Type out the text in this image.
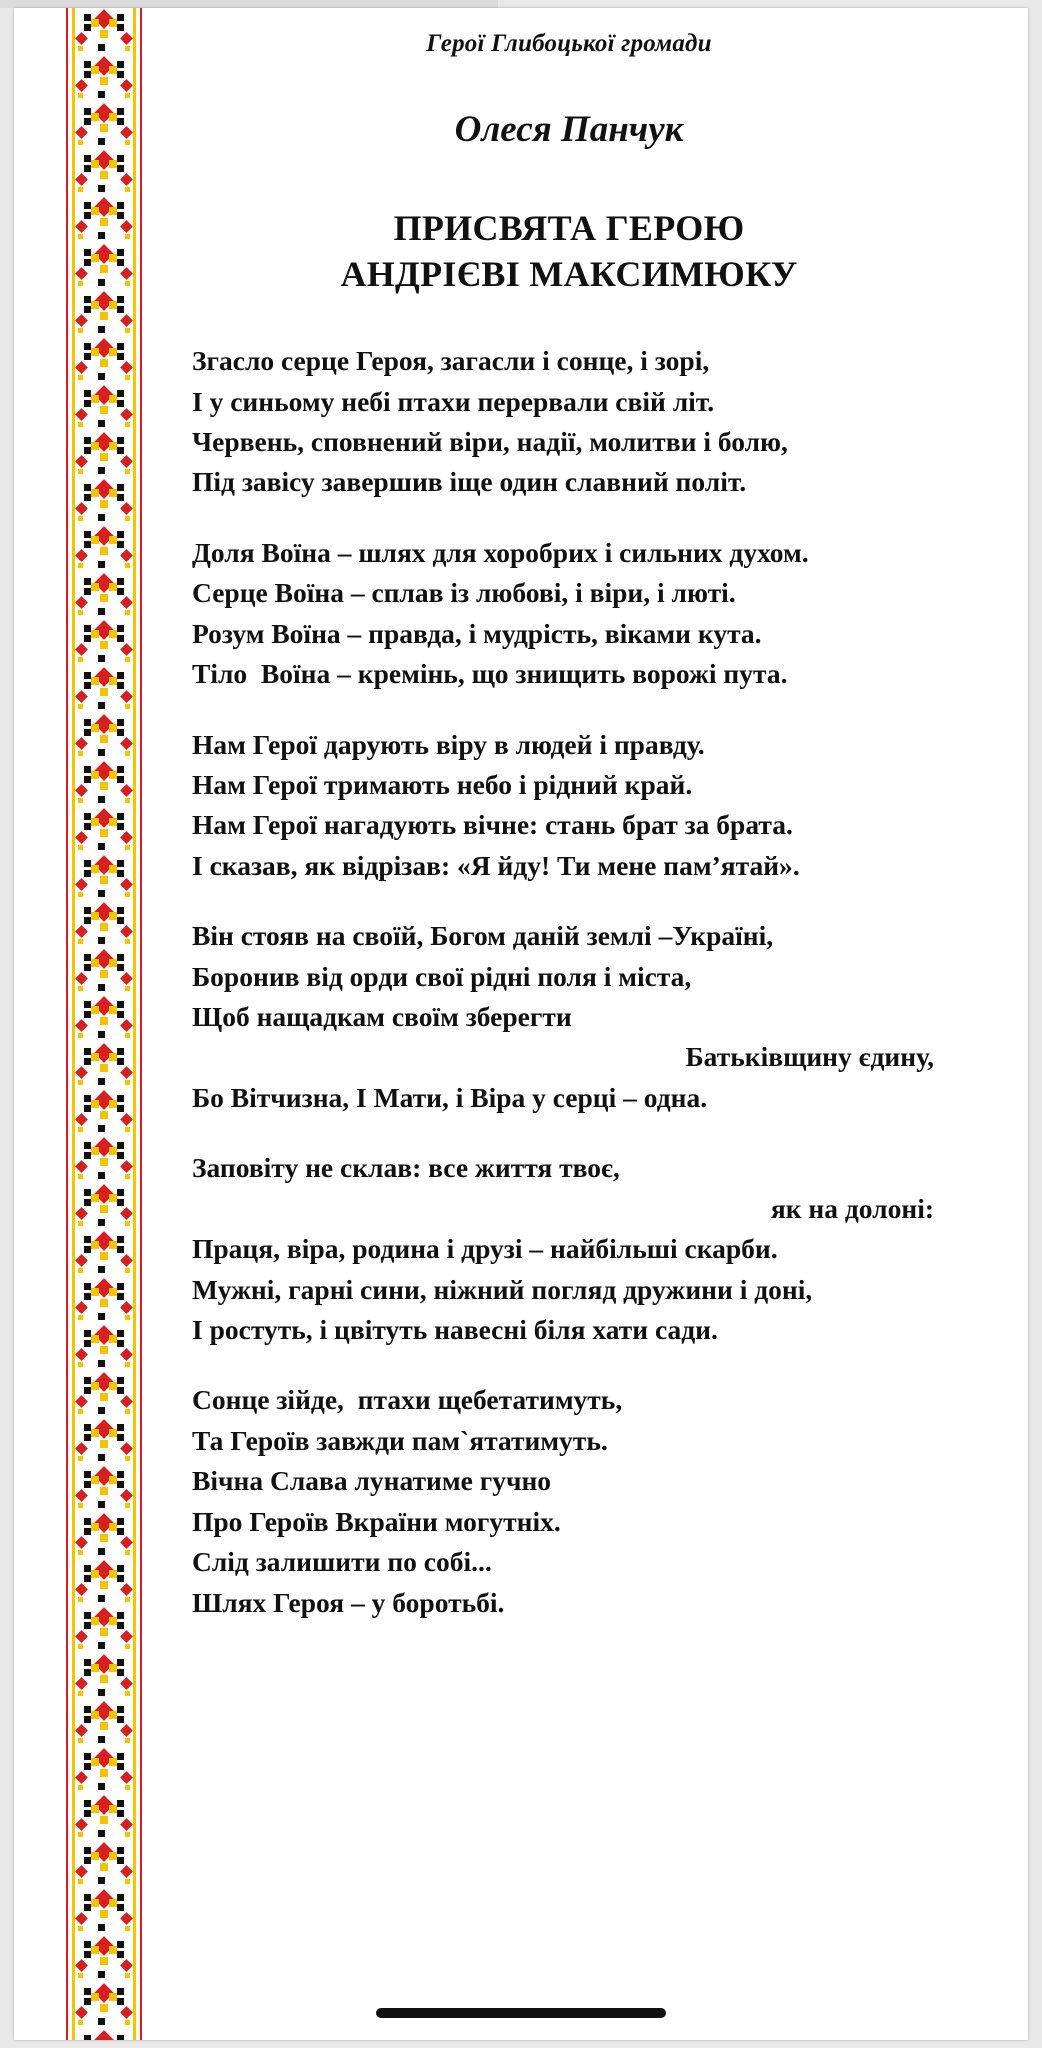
Герої Глибоцької громади
Олеся Панчук
ПРИСВЯТА ГЕРОЮ
АНДРІЄВІ МАКСИМЮКУ
Згасло серце Героя, загасли і сонце, і зорі,
І у синьому небі птахи перервали свій літ.
Червень, сповнений віри, надії, молитви і болю,
Під завісу завершив іще один славний політ.
Доля Воїна – шлях для хоробрих і сильних духом.
Серце Воїна – сплав із любові, і віри, і люті.
Розум Воїна – правда, і мудрість, віками кута.
Тіло  Воїна – кремінь, що знищить ворожі пута.
Нам Герої дарують віру в людей і правду.
Нам Герої тримають небо і рідний край.
Нам Герої нагадують вічне: стань брат за брата.
І сказав, як відрізав: «Я йду! Ти мене пам’ятай».
Він стояв на своїй, Богом даній землі –Україні,
Боронив від орди свої рідні поля і міста,
Щоб нащадкам своїм зберегти
Батьківщину єдину,
Бо Вітчизна, І Мати, і Віра у серці – одна.
Заповіту не склав: все життя твоє,
як на долоні:
Праця, віра, родина і друзі – найбільші скарби.
Мужні, гарні сини, ніжний погляд дружини і доні,
І ростуть, і цвітуть навесні біля хати сади.
Сонце зійде,  птахи щебетатимуть,
Та Героїв завжди пам`ятатимуть.
Вічна Слава лунатиме гучно
Про Героїв Вкраїни могутніх.
Слід залишити по собі...
Шлях Героя – у боротьбі.
